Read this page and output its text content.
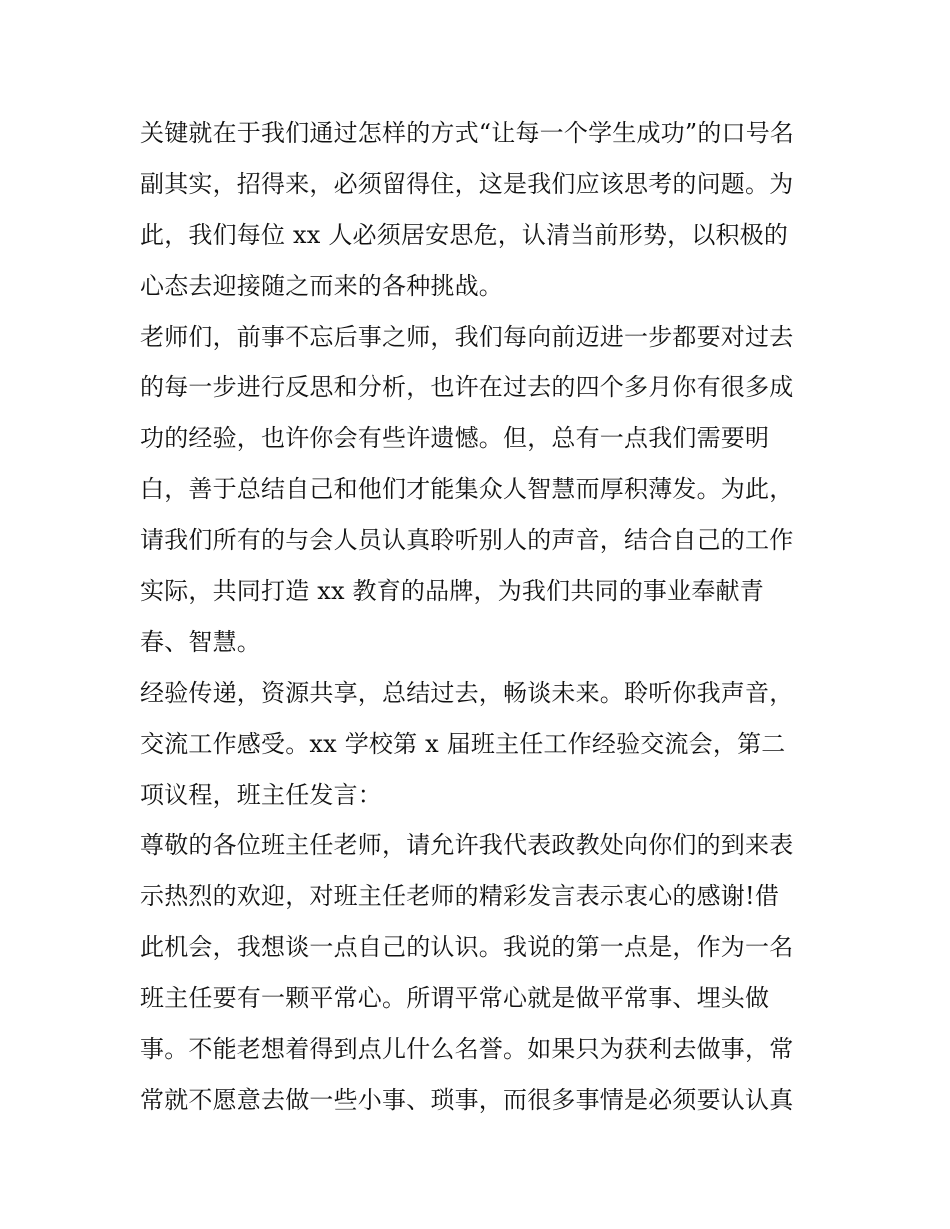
关键就在于我们通过怎样的方式“让每一个学生成功”的口号名
副其实，招得来，必须留得住，这是我们应该思考的问题。为
此，我们每位 xx 人必须居安思危，认清当前形势，以积极的
心态去迎接随之而来的各种挑战。

老师们，前事不忘后事之师，我们每向前迈进一步都要对过去
的每一步进行反思和分析，也许在过去的四个多月你有很多成
功的经验，也许你会有些许遗憾。但，总有一点我们需要明
白，善于总结自己和他们才能集众人智慧而厚积薄发。为此，
请我们所有的与会人员认真聆听别人的声音，结合自己的工作
实际，共同打造 xx 教育的品牌，为我们共同的事业奉献青
春、智慧。

经验传递，资源共享，总结过去，畅谈未来。聆听你我声音，
交流工作感受。xx 学校第 x 届班主任工作经验交流会，第二
项议程，班主任发言：

尊敬的各位班主任老师，请允许我代表政教处向你们的到来表
示热烈的欢迎，对班主任老师的精彩发言表示衷心的感谢!借
此机会，我想谈一点自己的认识。我说的第一点是，作为一名
班主任要有一颗平常心。所谓平常心就是做平常事、埋头做
事。不能老想着得到点儿什么名誉。如果只为获利去做事，常
常就不愿意去做一些小事、琐事，而很多事情是必须要认认真
